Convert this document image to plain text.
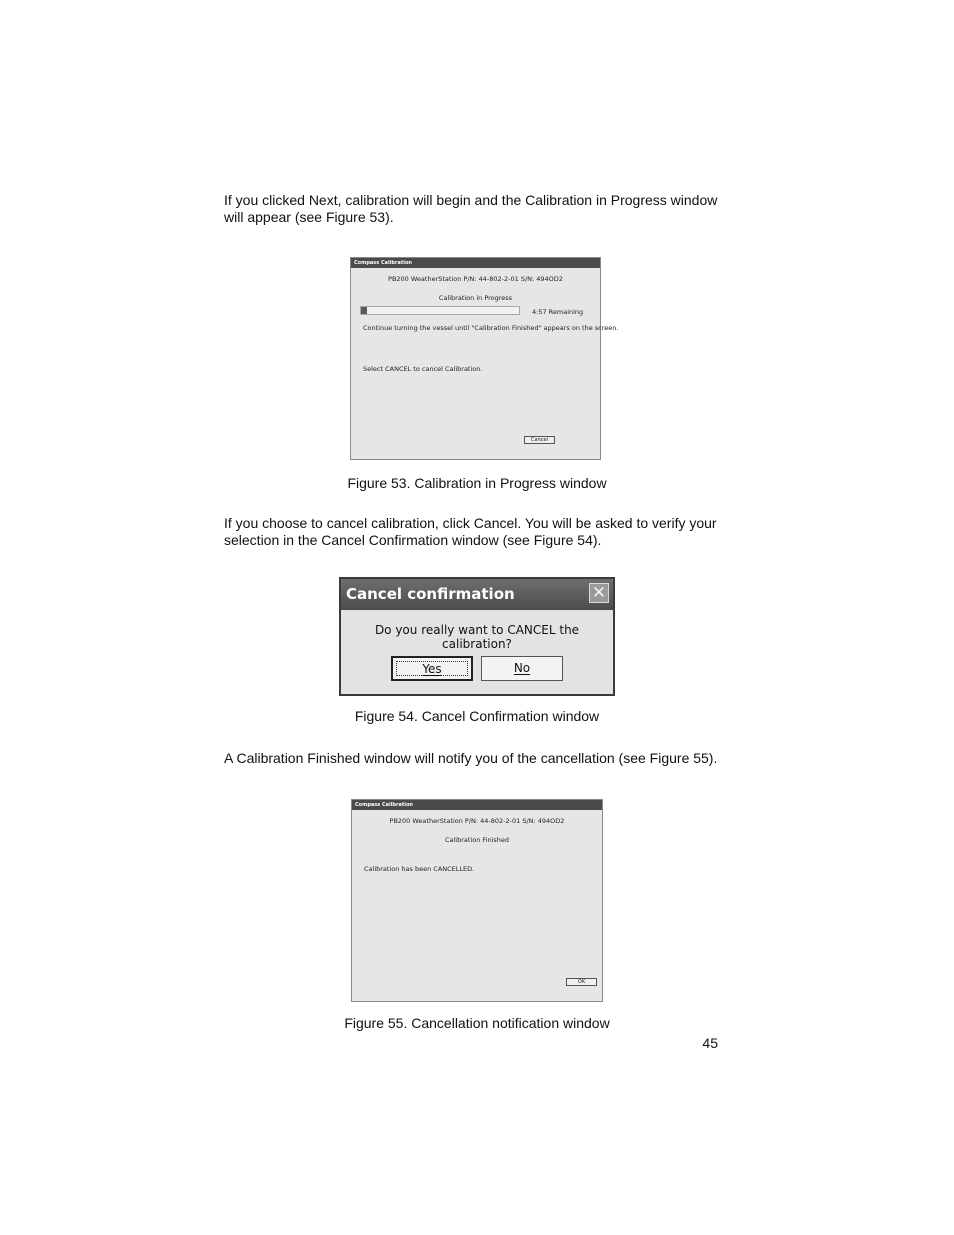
If you clicked Next, calibration will begin and the Calibration in Progress window
will appear (see Figure 53).

Compass Calibration
PB200 WeatherStation P/N: 44-802-2-01 S/N: 494OD2
Calibration in Progress
4:57 Remaining
Continue turning the vessel until "Calibration Finished" appears on the screen.
Select CANCEL to cancel Calibration.
Cancel

Figure 53. Calibration in Progress window

If you choose to cancel calibration, click Cancel. You will be asked to verify your
selection in the Cancel Confirmation window (see Figure 54).

Cancel confirmation	✕
Do you really want to CANCEL the calibration?
Yes	No

Figure 54. Cancel Confirmation window

A Calibration Finished window will notify you of the cancellation (see Figure 55).

Compass Calibration
PB200 WeatherStation P/N: 44-802-2-01 S/N: 494OD2
Calibration Finished
Calibration has been CANCELLED.
OK

Figure 55. Cancellation notification window

45
